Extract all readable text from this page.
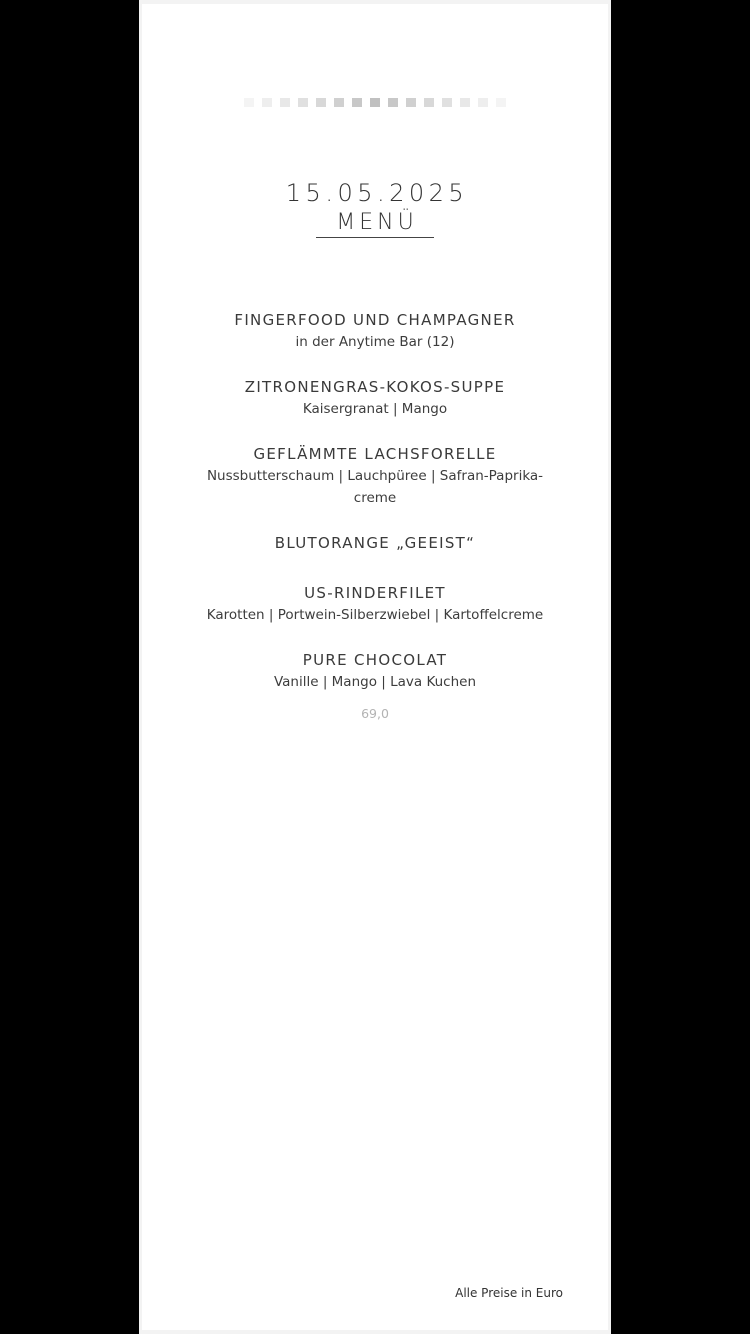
15.05.2025
MENÜ
FINGERFOOD UND CHAMPAGNER
in der Anytime Bar (12)
ZITRONENGRAS-KOKOS-SUPPE
Kaisergranat | Mango
GEFLÄMMTE LACHSFORELLE
Nussbutterschaum | Lauchpüree | Safran-Paprika-creme
BLUTORANGE „GEEIST“
US-RINDERFILET
Karotten | Portwein-Silberzwiebel | Kartoffelcreme
PURE CHOCOLAT
Vanille | Mango | Lava Kuchen
69,0
Alle Preise in Euro
